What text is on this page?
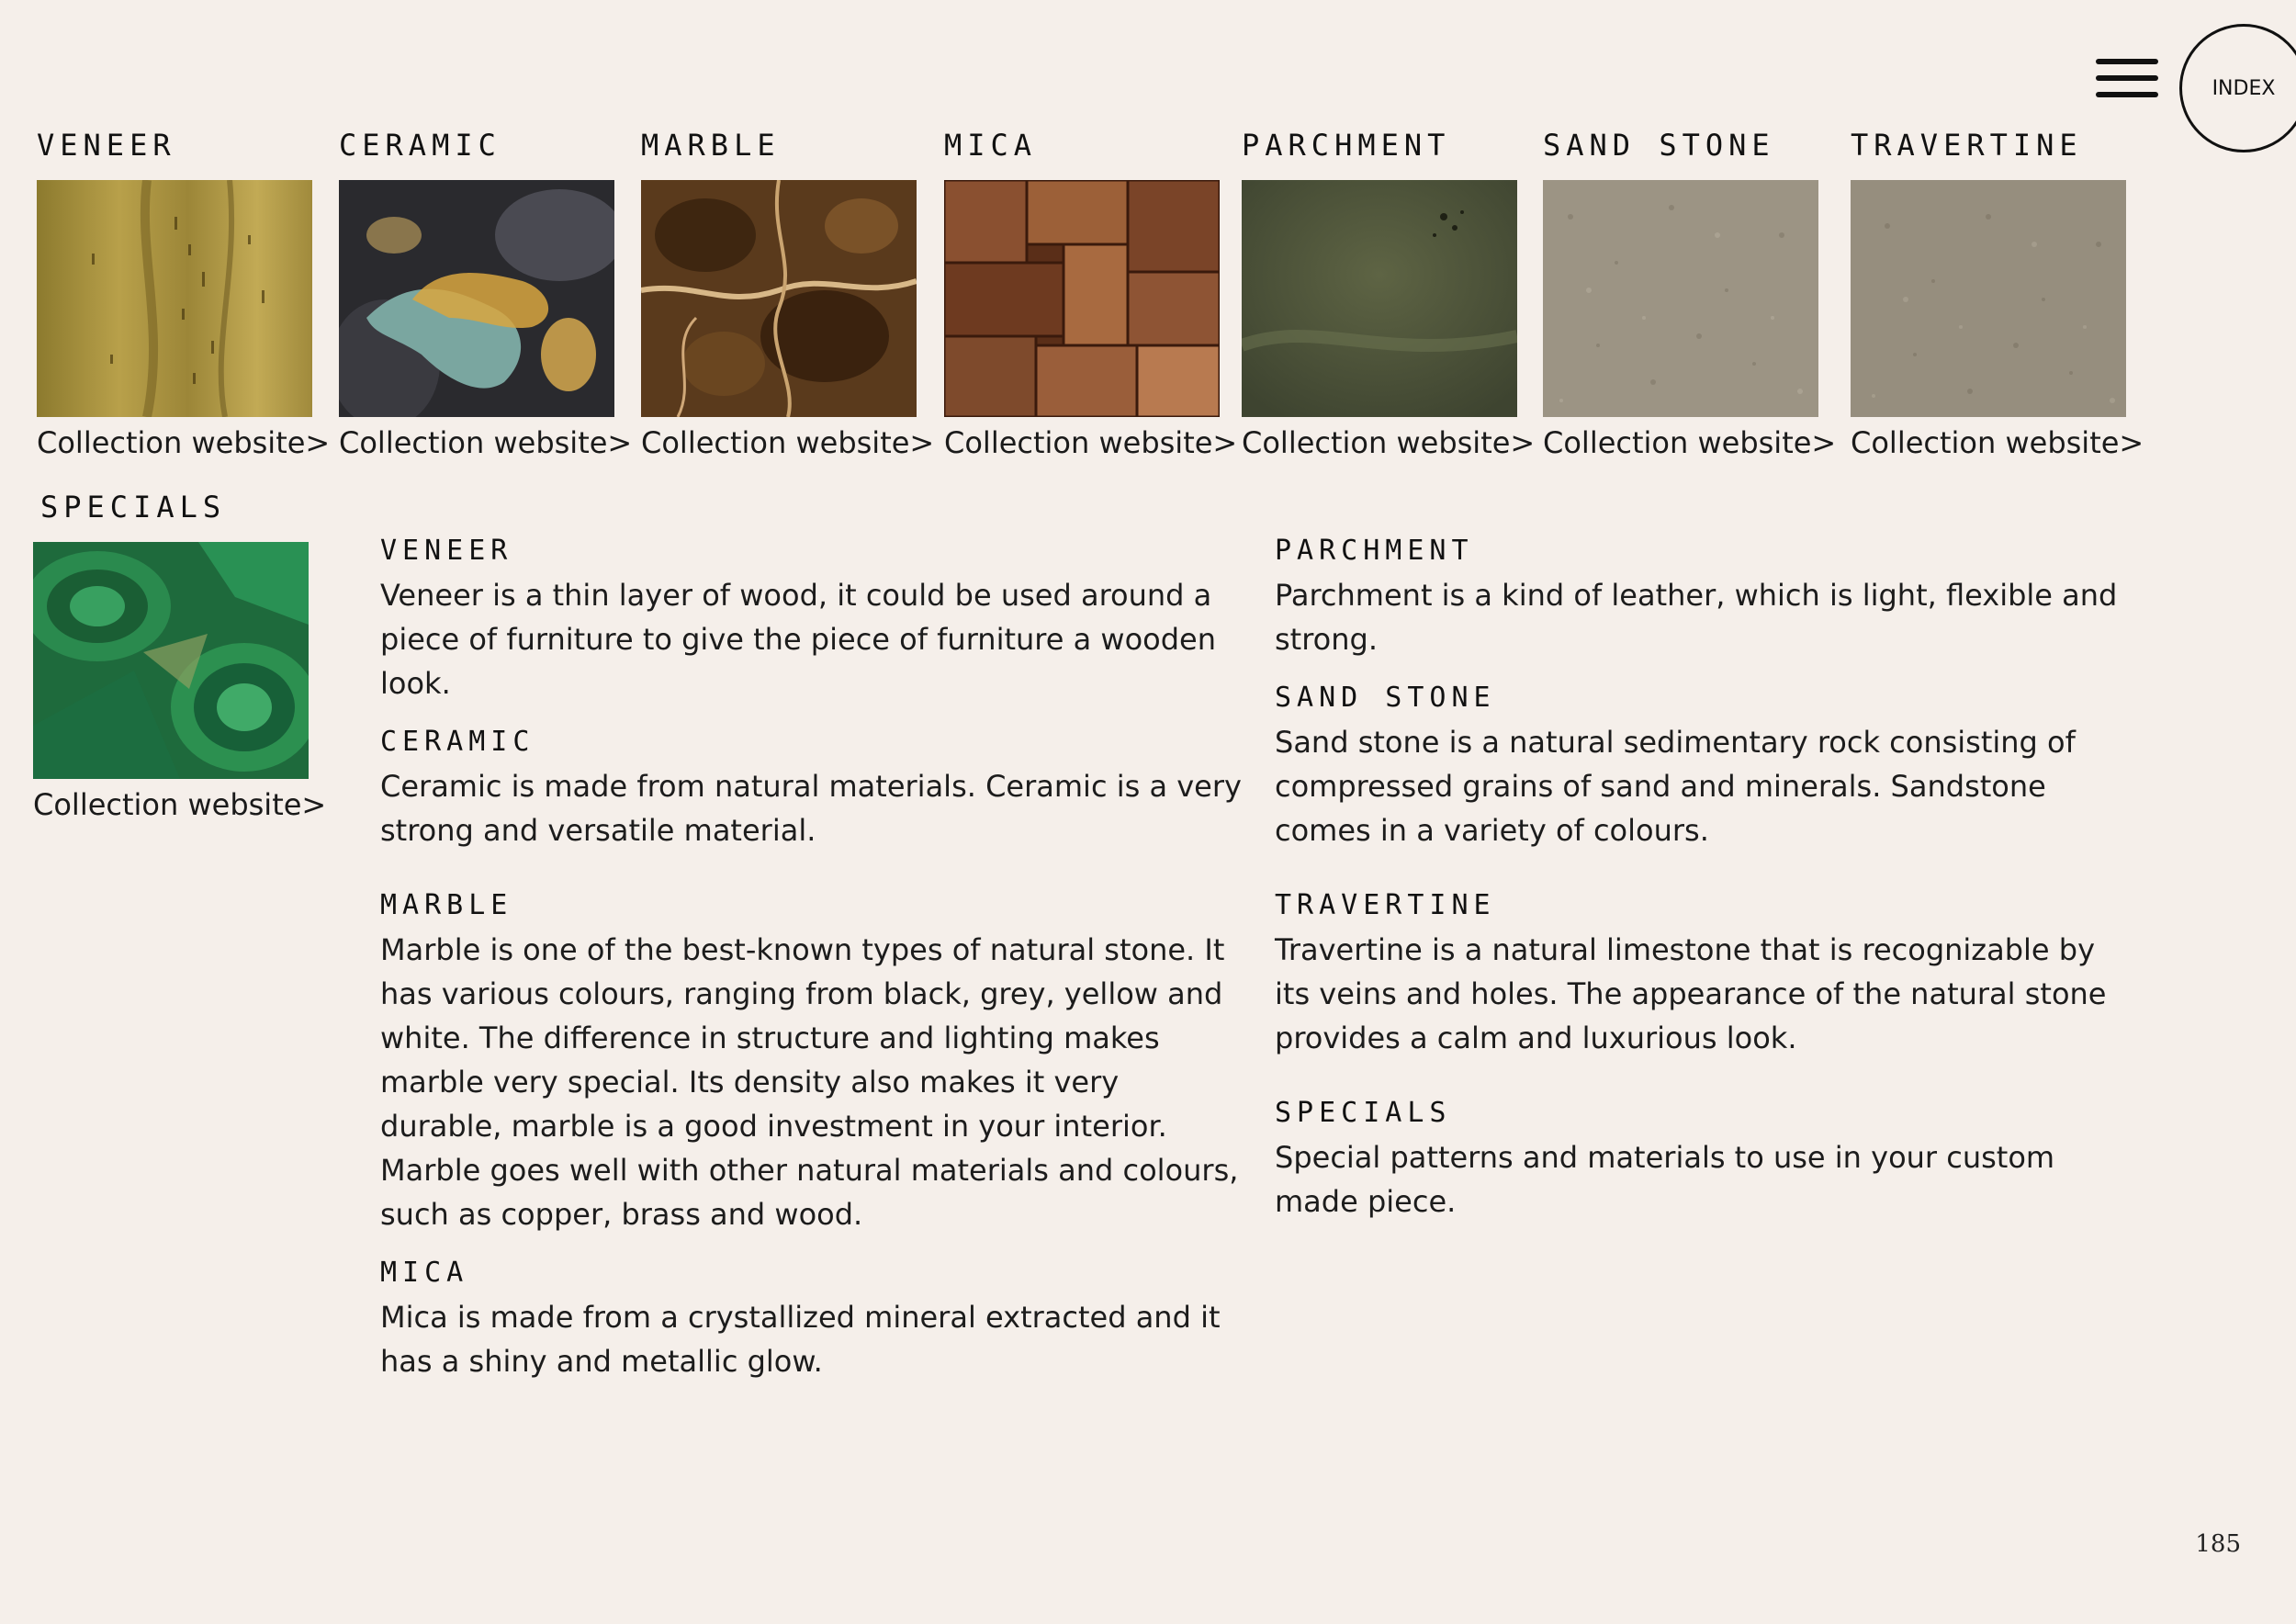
INDEX
VENEER
Collection website>
CERAMIC
Collection website>
MARBLE
Collection website>
MICA
Collection website>
PARCHMENT
Collection website>
SAND STONE
Collection website>
TRAVERTINE
Collection website>
SPECIALS
Collection website>
VENEER

Veneer is a thin layer of wood, it could be used around a piece of furniture to give the piece of furniture a wooden look.

CERAMIC

Ceramic is made from natural materials. Ceramic is a very strong and versatile material.

MARBLE

Marble is one of the best-known types of natural stone. It has various colours, ranging from black, grey, yellow and white. The difference in structure and lighting makes marble very special. Its density also makes it very durable, marble is a good investment in your interior. Marble goes well with other natural materials and colours, such as copper, brass and wood.

MICA

Mica is made from a crystallized mineral extracted and it has a shiny and metallic glow.

PARCHMENT

Parchment is a kind of leather, which is light, flexible and strong.

SAND STONE

Sand stone is a natural sedimentary rock consisting of compressed grains of sand and minerals. Sandstone comes in a variety of colours.

TRAVERTINE

Travertine is a natural limestone that is recognizable by its veins and holes. The appearance of the natural stone provides a calm and luxurious look.

SPECIALS

Special patterns and materials to use in your custom made piece.

185
